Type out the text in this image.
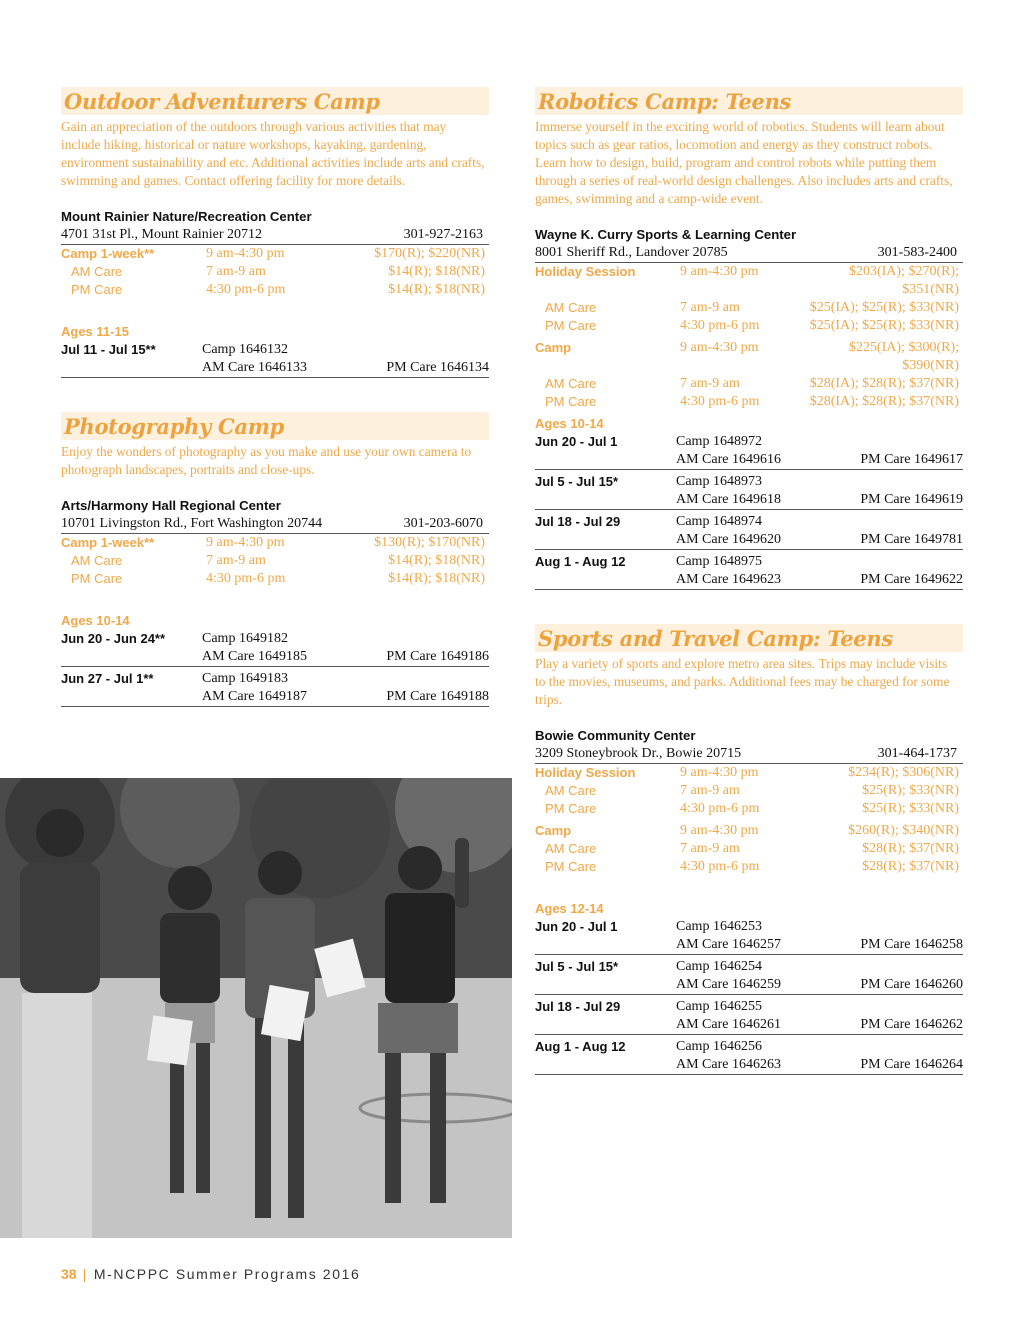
Outdoor Adventurers Camp

Gain an appreciation of the outdoors through various activities that may include hiking, historical or nature workshops, kayaking, gardening, environment sustainability and etc. Additional activities include arts and crafts, swimming and games. Contact offering facility for more details.

Mount Rainier Nature/Recreation Center
4701 31st Pl., Mount Rainier 20712	301-927-2163
Camp 1-week**	9 am-4:30 pm	$170(R); $220(NR)
AM Care	7 am-9 am	$14(R); $18(NR)
PM Care	4:30 pm-6 pm	$14(R); $18(NR)
Ages 11-15
Jul 11 - Jul 15**	Camp 1646132
AM Care 1646133	PM Care 1646134
Photography Camp

Enjoy the wonders of photography as you make and use your own camera to photograph landscapes, portraits and close-ups.

Arts/Harmony Hall Regional Center
10701 Livingston Rd., Fort Washington 20744	301-203-6070
Camp 1-week**	9 am-4:30 pm	$130(R); $170(NR)
AM Care	7 am-9 am	$14(R); $18(NR)
PM Care	4:30 pm-6 pm	$14(R); $18(NR)
Ages 10-14
Jun 20 - Jun 24**	Camp 1649182
AM Care 1649185	PM Care 1649186
Jun 27 - Jul 1**	Camp 1649183
AM Care 1649187	PM Care 1649188
Robotics Camp: Teens

Immerse yourself in the exciting world of robotics. Students will learn about topics such as gear ratios, locomotion and energy as they construct robots. Learn how to design, build, program and control robots while putting them through a series of real-world design challenges. Also includes arts and crafts, games, swimming and a camp-wide event.

Wayne K. Curry Sports & Learning Center
8001 Sheriff Rd., Landover 20785	301-583-2400
Holiday Session	9 am-4:30 pm	$203(IA); $270(R); $351(NR)
AM Care	7 am-9 am	$25(IA); $25(R); $33(NR)
PM Care	4:30 pm-6 pm	$25(IA); $25(R); $33(NR)
Camp	9 am-4:30 pm	$225(IA); $300(R); $390(NR)
AM Care	7 am-9 am	$28(IA); $28(R); $37(NR)
PM Care	4:30 pm-6 pm	$28(IA); $28(R); $37(NR)
Ages 10-14
Jun 20 - Jul 1	Camp 1648972
AM Care 1649616	PM Care 1649617
Jul 5 - Jul 15*	Camp 1648973
AM Care 1649618	PM Care 1649619
Jul 18 - Jul 29	Camp 1648974
AM Care 1649620	PM Care 1649781
Aug 1 - Aug 12	Camp 1648975
AM Care 1649623	PM Care 1649622
Sports and Travel Camp: Teens

Play a variety of sports and explore metro area sites. Trips may include visits to the movies, museums, and parks. Additional fees may be charged for some trips.

Bowie Community Center
3209 Stoneybrook Dr., Bowie 20715	301-464-1737
Holiday Session	9 am-4:30 pm	$234(R); $306(NR)
AM Care	7 am-9 am	$25(R); $33(NR)
PM Care	4:30 pm-6 pm	$25(R); $33(NR)
Camp	9 am-4:30 pm	$260(R); $340(NR)
AM Care	7 am-9 am	$28(R); $37(NR)
PM Care	4:30 pm-6 pm	$28(R); $37(NR)
Ages 12-14
Jun 20 - Jul 1	Camp 1646253
AM Care 1646257	PM Care 1646258
Jul 5 - Jul 15*	Camp 1646254
AM Care 1646259	PM Care 1646260
Jul 18 - Jul 29	Camp 1646255
AM Care 1646261	PM Care 1646262
Aug 1 - Aug 12	Camp 1646256
AM Care 1646263	PM Care 1646264
38 | M-NCPPC Summer Programs 2016
